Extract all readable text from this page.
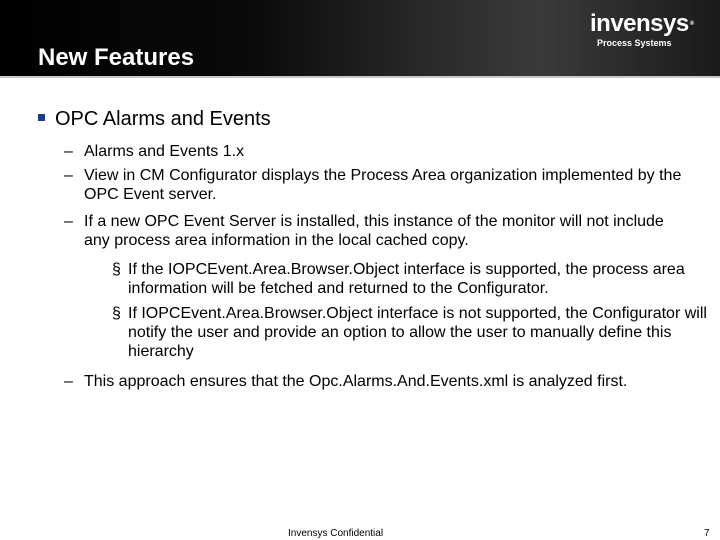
New Features
invensys®
Process Systems
OPC Alarms and Events
– Alarms and Events 1.x
– View in CM Configurator displays the Process Area organization implemented by the OPC Event server.
– If a new OPC Event Server is installed, this instance of the monitor will not include any process area information in the local cached copy.
§ If the IOPCEvent.Area.Browser.Object interface is supported, the process area information will be fetched and returned to the Configurator.
§ If IOPCEvent.Area.Browser.Object interface is not supported, the Configurator will notify the user and provide an option to allow the user to manually define this hierarchy
– This approach ensures that the Opc.Alarms.And.Events.xml is analyzed first.
Invensys Confidential	7
